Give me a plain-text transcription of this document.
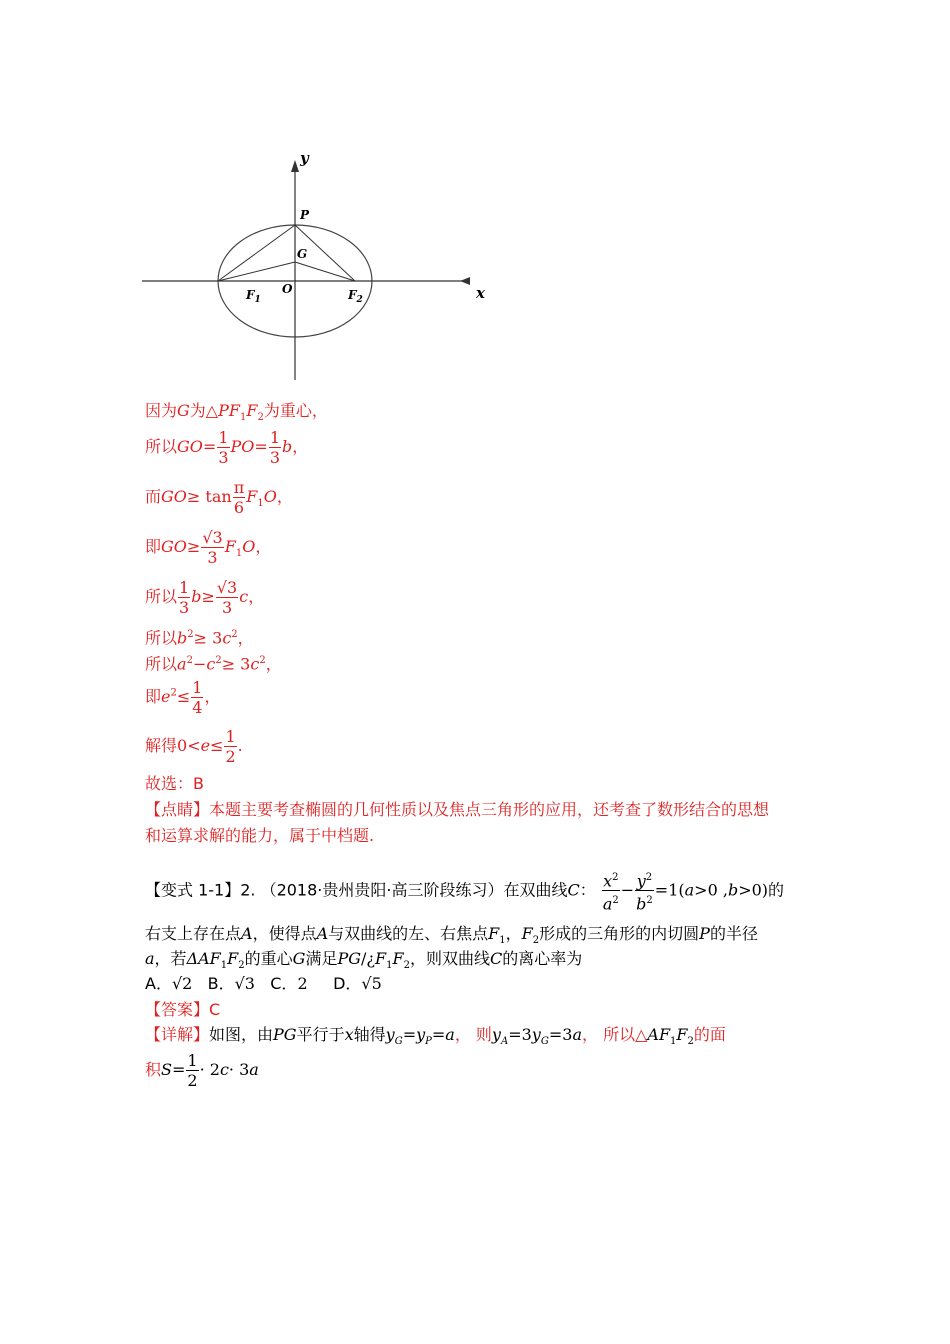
y
x
P
G
O
$F_1$	$F_2$
因为G为$\triangle PF_1F_2$为重心，
所以$GO= \frac{1}{3} PO= \frac{1}{3}$ b，
而$GO\ge \tan \frac{\pi}{6} F_1O$，
即$GO\ge \frac{√3}{3} F_1O$，
所以 $\frac{1}{3} b\ge \frac{√3}{3}$ c，
所以$b^2\ge 3c^2$，
所以$a^2-c^2\ge 3c^2$，
即$e^2\le \frac{1}{4}$ ，
解得$0<e\le \frac{1}{2}$ .
故选：B
【点睛】本题主要考查椭圆的几何性质以及焦点三角形的应用，还考查了数形结合的思想
和运算求解的能力，属于中档题.
【变式 1-1】2. （2018·贵州贵阳·高三阶段练习）在双曲线C： $\frac{x^2}{a^2} - \frac{y^2}{b^2} =1(a>0$ ,b>0)的
右支上存在点A，使得点A与双曲线的左、右焦点$F_1$，$F_2$形成的三角形的内切圆P的半径
a，若$\Delta AF_1F_2$的重心G满足$PG/¿F_1F_2$，则双曲线C的离心率为
A．√2 B．√3 C．2 D．√5
【答案】C
【详解】如图，由PG平行于x轴得$y_G=y_P=a$， 则$y_A=3y_G=3a$， 所以$\triangle AF_1F_2$的面
积$S= \frac{1}{2} \cdot 2c\cdot 3a$
